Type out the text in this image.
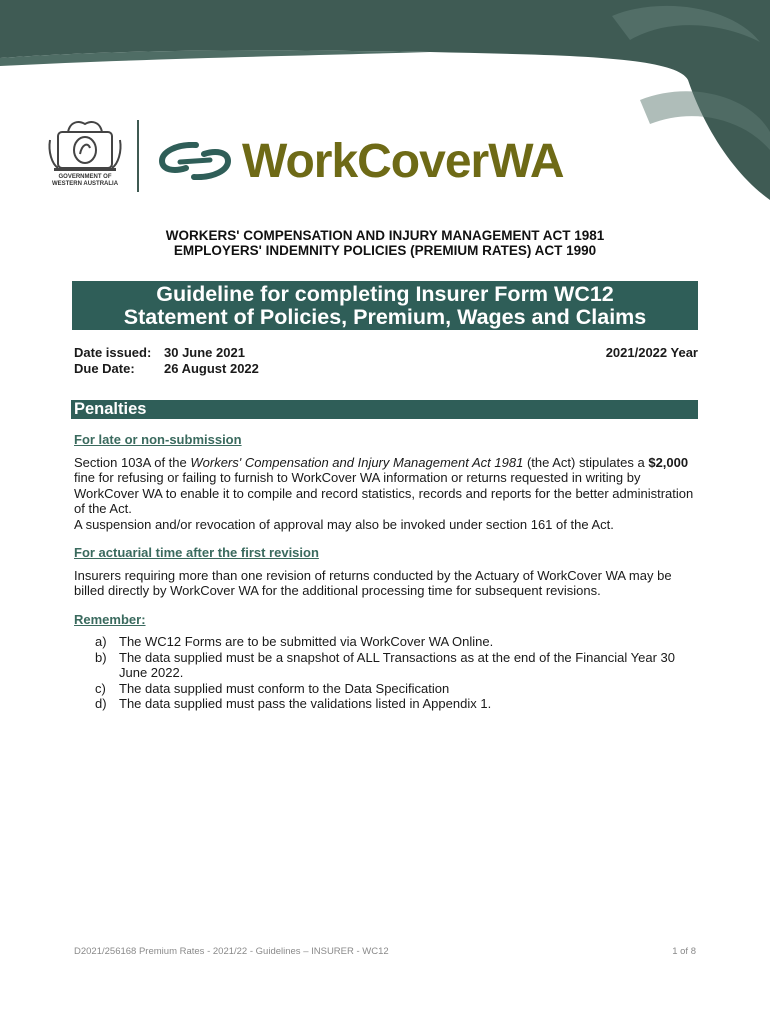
GOVERNMENT OF
WESTERN AUSTRALIA	WorkCoverWA
WORKERS' COMPENSATION AND INJURY MANAGEMENT ACT 1981
EMPLOYERS' INDEMNITY POLICIES (PREMIUM RATES) ACT 1990
Guideline for completing Insurer Form WC12
Statement of Policies, Premium, Wages and Claims
Date issued: 30 June 2021
Due Date: 26 August 2022
2021/2022 Year
Penalties
For late or non-submission
Section 103A of the Workers' Compensation and Injury Management Act 1981 (the Act) stipulates a $2,000 fine for refusing or failing to furnish to WorkCover WA information or returns requested in writing by WorkCover WA to enable it to compile and record statistics, records and reports for the better administration of the Act.
A suspension and/or revocation of approval may also be invoked under section 161 of the Act.
For actuarial time after the first revision
Insurers requiring more than one revision of returns conducted by the Actuary of WorkCover WA may be billed directly by WorkCover WA for the additional processing time for subsequent revisions.
Remember:
a) The WC12 Forms are to be submitted via WorkCover WA Online.
b) The data supplied must be a snapshot of ALL Transactions as at the end of the Financial Year 30 June 2022.
c)	The data supplied must conform to the Data Specification
d) The data supplied must pass the validations listed in Appendix 1.
D2021/256168 Premium Rates - 2021/22 - Guidelines – INSURER - WC12	1 of 8
